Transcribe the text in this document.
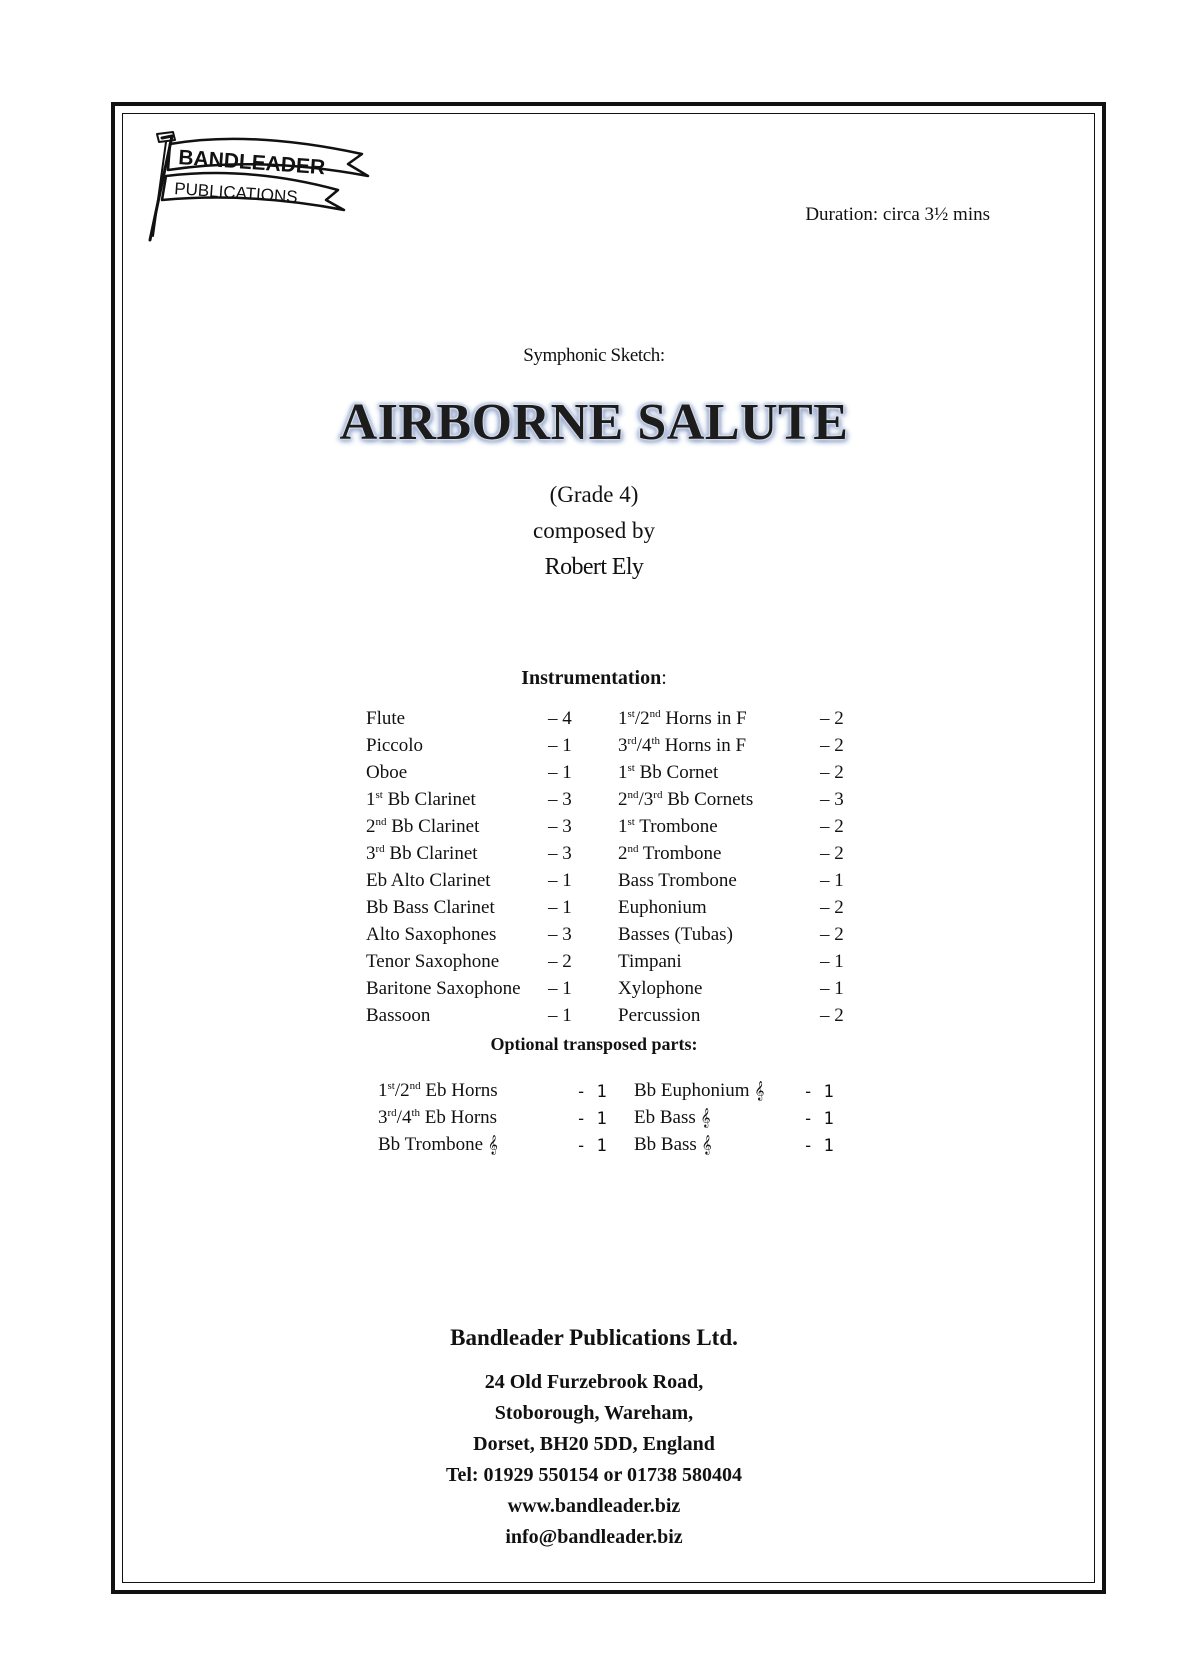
BANDLEADER
PUBLICATIONS
Duration: circa 3½ mins
Symphonic Sketch:
AIRBORNE SALUTE
(Grade 4)
composed by
Robert Ely
Instrumentation:
Flute	– 4
Piccolo	– 1
Oboe	– 1
1st Bb Clarinet	– 3
2nd Bb Clarinet	– 3
3rd Bb Clarinet	– 3
Eb Alto Clarinet	– 1
Bb Bass Clarinet	– 1
Alto Saxophones	– 3
Tenor Saxophone	– 2
Baritone Saxophone – 1
Bassoon	– 1
1st/2nd Horns in F	– 2
3rd/4th Horns in F	– 2
1st Bb Cornet	– 2
2nd/3rd Bb Cornets	– 3
1st Trombone	– 2
2nd Trombone	– 2
Bass Trombone	– 1
Euphonium	– 2
Basses (Tubas)	– 2
Timpani	– 1
Xylophone	– 1
Percussion	– 2
Optional transposed parts:
1st/2nd Eb Horns	- 1
3rd/4th Eb Horns	- 1
Bb Trombone 𝄞	- 1
Bb Euphonium 𝄞 - 1
Eb Bass 𝄞	- 1
Bb Bass 𝄞	- 1
Bandleader Publications Ltd.
24 Old Furzebrook Road,
Stoborough, Wareham,
Dorset, BH20 5DD, England
Tel: 01929 550154 or 01738 580404
www.bandleader.biz
info@bandleader.biz
